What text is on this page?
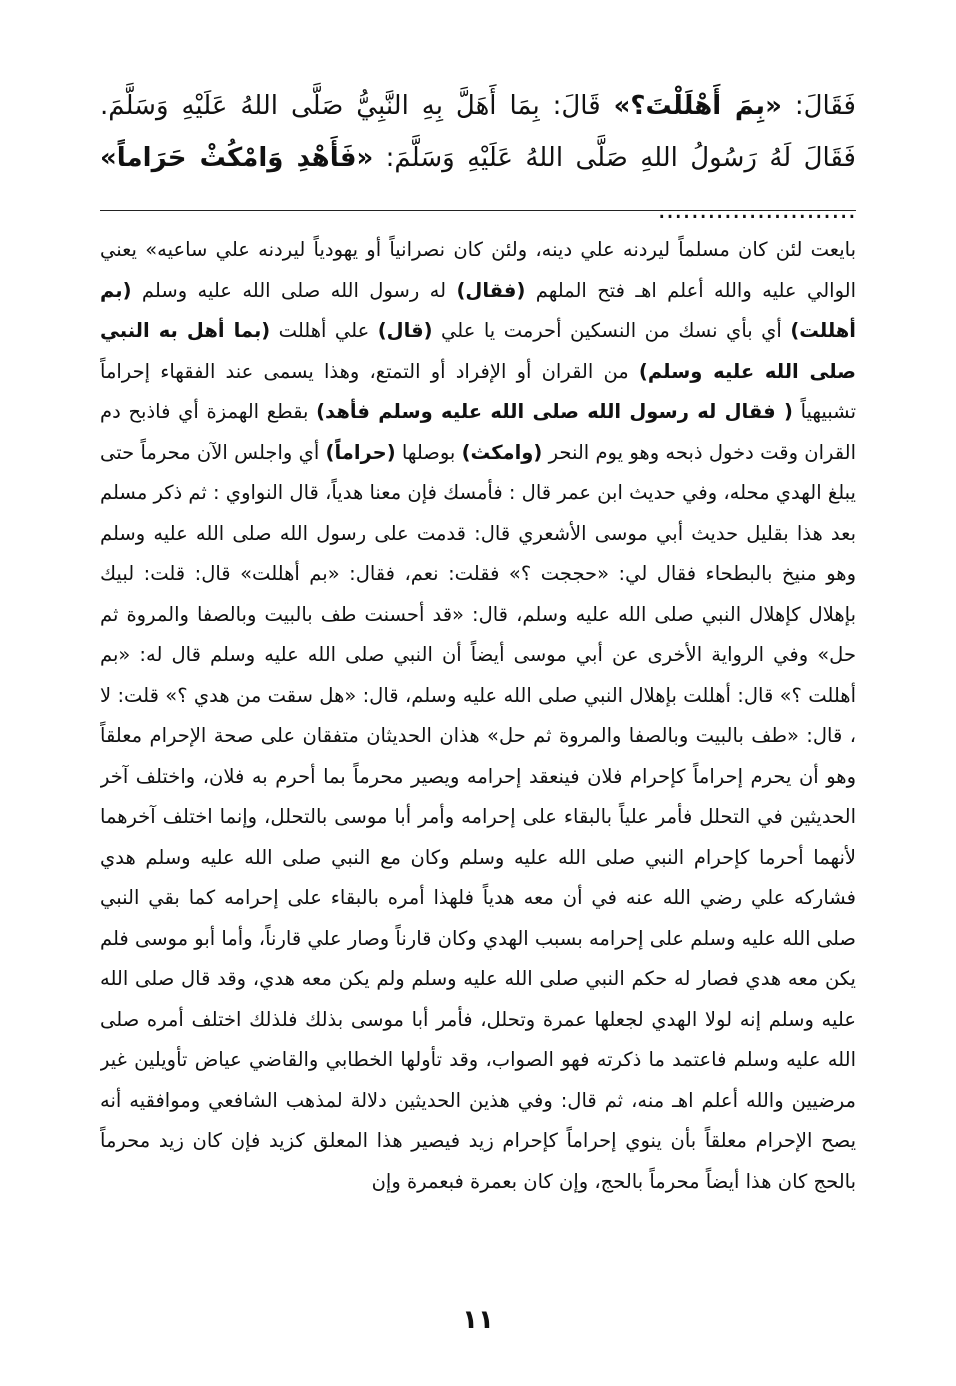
فَقَالَ: «بِمَ أَهْلَلْتَ؟» قَالَ: بِمَا أَهَلَّ بِهِ النَّبِيُّ صَلَّى اللهُ عَلَيْهِ وَسَلَّمَ. فَقَالَ لَهُ رَسُولُ اللهِ صَلَّى اللهُ عَلَيْهِ وَسَلَّمَ: «فَأَهْدِ وَامْكُثْ حَرَاماً» ........................

بايعت لئن كان مسلماً ليردنه علي دينه، ولئن كان نصرانياً أو يهودياً ليردنه علي ساعيه» يعني الوالي عليه والله أعلم اهـ فتح الملهم (فقال) له رسول الله صلى الله عليه وسلم (بم أهللت) أي بأي نسك من النسكين أحرمت يا علي (قال) علي أهللت (بما أهل به النبي صلى الله عليه وسلم) من القران أو الإفراد أو التمتع، وهذا يسمى عند الفقهاء إحراماً تشبيهياً ( فقال له رسول الله صلى الله عليه وسلم فأهد) بقطع الهمزة أي فاذبح دم القران وقت دخول ذبحه وهو يوم النحر (وامكث) بوصلها (حراماً) أي واجلس الآن محرماً حتى يبلغ الهدي محله، وفي حديث ابن عمر قال : فأمسك فإن معنا هدياً، قال النواوي : ثم ذكر مسلم بعد هذا بقليل حديث أبي موسى الأشعري قال: قدمت على رسول الله صلى الله عليه وسلم وهو منيخ بالبطحاء فقال لي: «حججت ؟» فقلت: نعم، فقال: «بم أهللت» قال: قلت: لبيك بإهلال كإهلال النبي صلى الله عليه وسلم، قال: «قد أحسنت طف بالبيت وبالصفا والمروة ثم حل» وفي الرواية الأخرى عن أبي موسى أيضاً أن النبي صلى الله عليه وسلم قال له: «بم أهللت ؟» قال: أهللت بإهلال النبي صلى الله عليه وسلم، قال: «هل سقت من هدي ؟» قلت: لا ، قال: «طف بالبيت وبالصفا والمروة ثم حل» هذان الحديثان متفقان على صحة الإحرام معلقاً وهو أن يحرم إحراماً كإحرام فلان فينعقد إحرامه ويصير محرماً بما أحرم به فلان، واختلف آخر الحديثين في التحلل فأمر علياً بالبقاء على إحرامه وأمر أبا موسى بالتحلل، وإنما اختلف آخرهما لأنهما أحرما كإحرام النبي صلى الله عليه وسلم وكان مع النبي صلى الله عليه وسلم هدي فشاركه علي رضي الله عنه في أن معه هدياً فلهذا أمره بالبقاء على إحرامه كما بقي النبي صلى الله عليه وسلم على إحرامه بسبب الهدي وكان قارناً وصار علي قارناً، وأما أبو موسى فلم يكن معه هدي فصار له حكم النبي صلى الله عليه وسلم ولم يكن معه هدي، وقد قال صلى الله عليه وسلم إنه لولا الهدي لجعلها عمرة وتحلل، فأمر أبا موسى بذلك فلذلك اختلف أمره صلى الله عليه وسلم فاعتمد ما ذكرته فهو الصواب، وقد تأولها الخطابي والقاضي عياض تأويلين غير مرضيين والله أعلم اهـ منه، ثم قال: وفي هذين الحديثين دلالة لمذهب الشافعي وموافقيه أنه يصح الإحرام معلقاً بأن ينوي إحراماً كإحرام زيد فيصير هذا المعلق كزيد فإن كان زيد محرماً بالحج كان هذا أيضاً محرماً بالحج، وإن كان بعمرة فبعمرة وإن
١١
